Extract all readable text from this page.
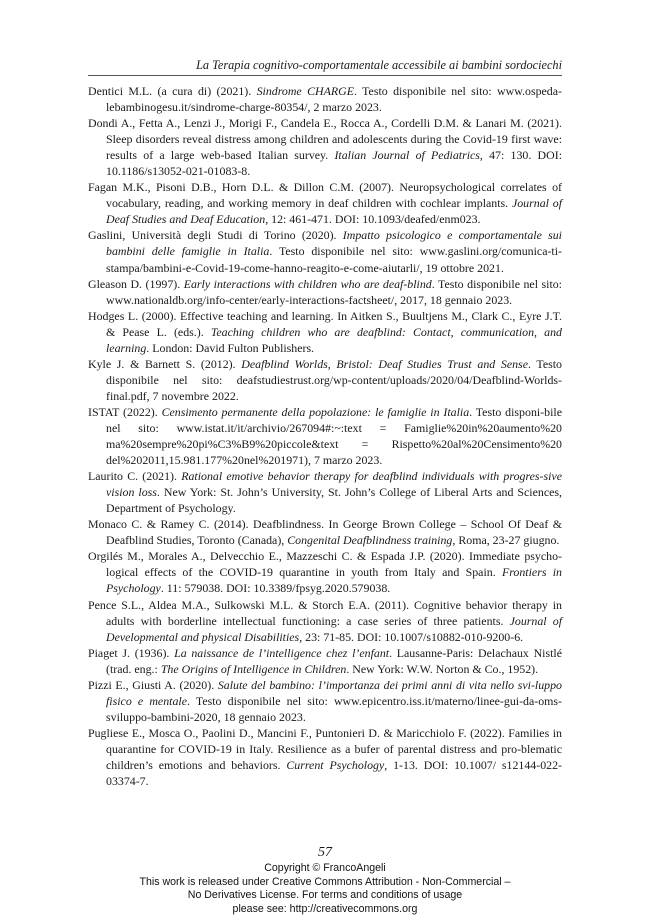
La Terapia cognitivo-comportamentale accessibile ai bambini sordociechi
Dentici M.L. (a cura di) (2021). Sindrome CHARGE. Testo disponibile nel sito: www.ospeda-lebambinogesu.it/sindrome-charge-80354/, 2 marzo 2023.
Dondi A., Fetta A., Lenzi J., Morigi F., Candela E., Rocca A., Cordelli D.M. & Lanari M. (2021). Sleep disorders reveal distress among children and adolescents during the Covid-19 first wave: results of a large web-based Italian survey. Italian Journal of Pediatrics, 47: 130. DOI: 10.1186/s13052-021-01083-8.
Fagan M.K., Pisoni D.B., Horn D.L. & Dillon C.M. (2007). Neuropsychological correlates of vocabulary, reading, and working memory in deaf children with cochlear implants. Journal of Deaf Studies and Deaf Education, 12: 461-471. DOI: 10.1093/deafed/enm023.
Gaslini, Università degli Studi di Torino (2020). Impatto psicologico e comportamentale sui bambini delle famiglie in Italia. Testo disponibile nel sito: www.gaslini.org/comunica-ti-stampa/bambini-e-Covid-19-come-hanno-reagito-e-come-aiutarli/, 19 ottobre 2021.
Gleason D. (1997). Early interactions with children who are deaf-blind. Testo disponibile nel sito: www.nationaldb.org/info-center/early-interactions-factsheet/, 2017, 18 gennaio 2023.
Hodges L. (2000). Effective teaching and learning. In Aitken S., Buultjens M., Clark C., Eyre J.T. & Pease L. (eds.). Teaching children who are deafblind: Contact, communication, and learning. London: David Fulton Publishers.
Kyle J. & Barnett S. (2012). Deafblind Worlds, Bristol: Deaf Studies Trust and Sense. Testo disponibile nel sito: deafstudiestrust.org/wp-content/uploads/2020/04/Deafblind-Worlds-final.pdf, 7 novembre 2022.
ISTAT (2022). Censimento permanente della popolazione: le famiglie in Italia. Testo disponi-bile nel sito: www.istat.it/it/archivio/267094#:~:text = Famiglie%20in%20aumento%20 ma%20sempre%20pi%C3%B9%20piccole&text = Rispetto%20al%20Censimento%20 del%202011,15.981.177%20nel%201971), 7 marzo 2023.
Laurito C. (2021). Rational emotive behavior therapy for deafblind individuals with progres-sive vision loss. New York: St. John’s University, St. John’s College of Liberal Arts and Sciences, Department of Psychology.
Monaco C. & Ramey C. (2014). Deafblindness. In George Brown College – School Of Deaf & Deafblind Studies, Toronto (Canada), Congenital Deafblindness training, Roma, 23-27 giugno.
Orgilés M., Morales A., Delvecchio E., Mazzeschi C. & Espada J.P. (2020). Immediate psycho-logical effects of the COVID-19 quarantine in youth from Italy and Spain. Frontiers in Psychology. 11: 579038. DOI: 10.3389/fpsyg.2020.579038.
Pence S.L., Aldea M.A., Sulkowski M.L. & Storch E.A. (2011). Cognitive behavior therapy in adults with borderline intellectual functioning: a case series of three patients. Journal of Developmental and physical Disabilities, 23: 71-85. DOI: 10.1007/s10882-010-9200-6.
Piaget J. (1936). La naissance de l’intelligence chez l’enfant. Lausanne-Paris: Delachaux Nistlé (trad. eng.: The Origins of Intelligence in Children. New York: W.W. Norton & Co., 1952).
Pizzi E., Giusti A. (2020). Salute del bambino: l’importanza dei primi anni di vita nello svi-luppo fisico e mentale. Testo disponibile nel sito: www.epicentro.iss.it/materno/linee-gui-da-oms-sviluppo-bambini-2020, 18 gennaio 2023.
Pugliese E., Mosca O., Paolini D., Mancini F., Puntonieri D. & Maricchiolo F. (2022). Families in quarantine for COVID-19 in Italy. Resilience as a bufer of parental distress and pro-blematic children’s emotions and behaviors. Current Psychology, 1-13. DOI: 10.1007/ s12144-022-03374-7.
57
Copyright © FrancoAngeli
This work is released under Creative Commons Attribution - Non-Commercial –
No Derivatives License. For terms and conditions of usage
please see: http://creativecommons.org
